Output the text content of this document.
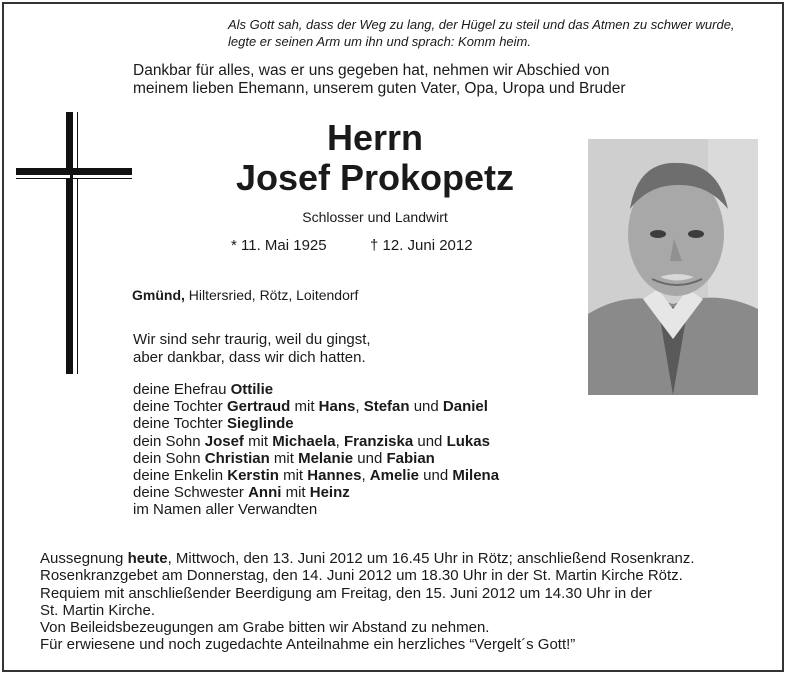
Als Gott sah, dass der Weg zu lang, der Hügel zu steil und das Atmen zu schwer wurde,
legte er seinen Arm um ihn und sprach: Komm heim.
Dankbar für alles, was er uns gegeben hat, nehmen wir Abschied von
meinem lieben Ehemann, unserem guten Vater, Opa, Uropa und Bruder
Herrn
Josef Prokopetz
Schlosser und Landwirt
* 11. Mai 1925	† 12. Juni 2012
Gmünd, Hiltersried, Rötz, Loitendorf
Wir sind sehr traurig, weil du gingst,
aber dankbar, dass wir dich hatten.
deine Ehefrau Ottilie
deine Tochter Gertraud mit Hans, Stefan und Daniel
deine Tochter Sieglinde
dein Sohn Josef mit Michaela, Franziska und Lukas
dein Sohn Christian mit Melanie und Fabian
deine Enkelin Kerstin mit Hannes, Amelie und Milena
deine Schwester Anni mit Heinz
im Namen aller Verwandten
Aussegnung heute, Mittwoch, den 13. Juni 2012 um 16.45 Uhr in Rötz; anschließend Rosenkranz.
Rosenkranzgebet am Donnerstag, den 14. Juni 2012 um 18.30 Uhr in der St. Martin Kirche Rötz.
Requiem mit anschließender Beerdigung am Freitag, den 15. Juni 2012 um 14.30 Uhr in der
St. Martin Kirche.
Von Beileidsbezeugungen am Grabe bitten wir Abstand zu nehmen.
Für erwiesene und noch zugedachte Anteilnahme ein herzliches “Vergelt´s Gott!”
